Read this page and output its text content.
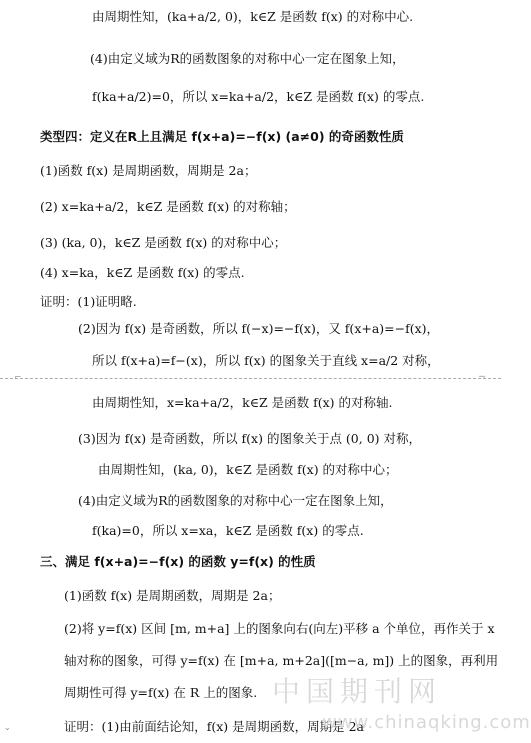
由周期性知，(ka+a/2, 0)，k∈Z 是函数 f(x) 的对称中心.
(4)由定义域为R的函数图象的对称中心一定在图象上知，
f(ka+a/2)=0，所以 x=ka+a/2，k∈Z 是函数 f(x) 的零点.
类型四：定义在R上且满足 f(x+a)=−f(x) (a≠0) 的奇函数性质
(1)函数 f(x) 是周期函数，周期是 2a；
(2) x=ka+a/2，k∈Z 是函数 f(x) 的对称轴；
(3) (ka, 0)，k∈Z 是函数 f(x) 的对称中心；
(4) x=ka，k∈Z 是函数 f(x) 的零点.
证明：(1)证明略.
(2)因为 f(x) 是奇函数，所以 f(−x)=−f(x)，又 f(x+a)=−f(x)，
所以 f(x+a)=f−(x)，所以 f(x) 的图象关于直线 x=a/2 对称，
⌐	¬
由周期性知，x=ka+a/2，k∈Z 是函数 f(x) 的对称轴.
(3)因为 f(x) 是奇函数，所以 f(x) 的图象关于点 (0, 0) 对称，
由周期性知，(ka, 0)，k∈Z 是函数 f(x) 的对称中心；
(4)由定义域为R的函数图象的对称中心一定在图象上知，
f(ka)=0，所以 x=xa，k∈Z 是函数 f(x) 的零点.
三、满足 f(x+a)=−f(x) 的函数 y=f(x) 的性质
(1)函数 f(x) 是周期函数，周期是 2a；
(2)将 y=f(x) 区间 [m, m+a] 上的图象向右(向左)平移 a 个单位，再作关于 x
轴对称的图象，可得 y=f(x) 在 [m+a, m+2a]([m−a, m]) 上的图象，再利用
周期性可得 y=f(x) 在 R 上的图象.
证明：(1)由前面结论知，f(x) 是周期函数，周期是 2a
中国期刊网
www.chinaqking.com
⌄
